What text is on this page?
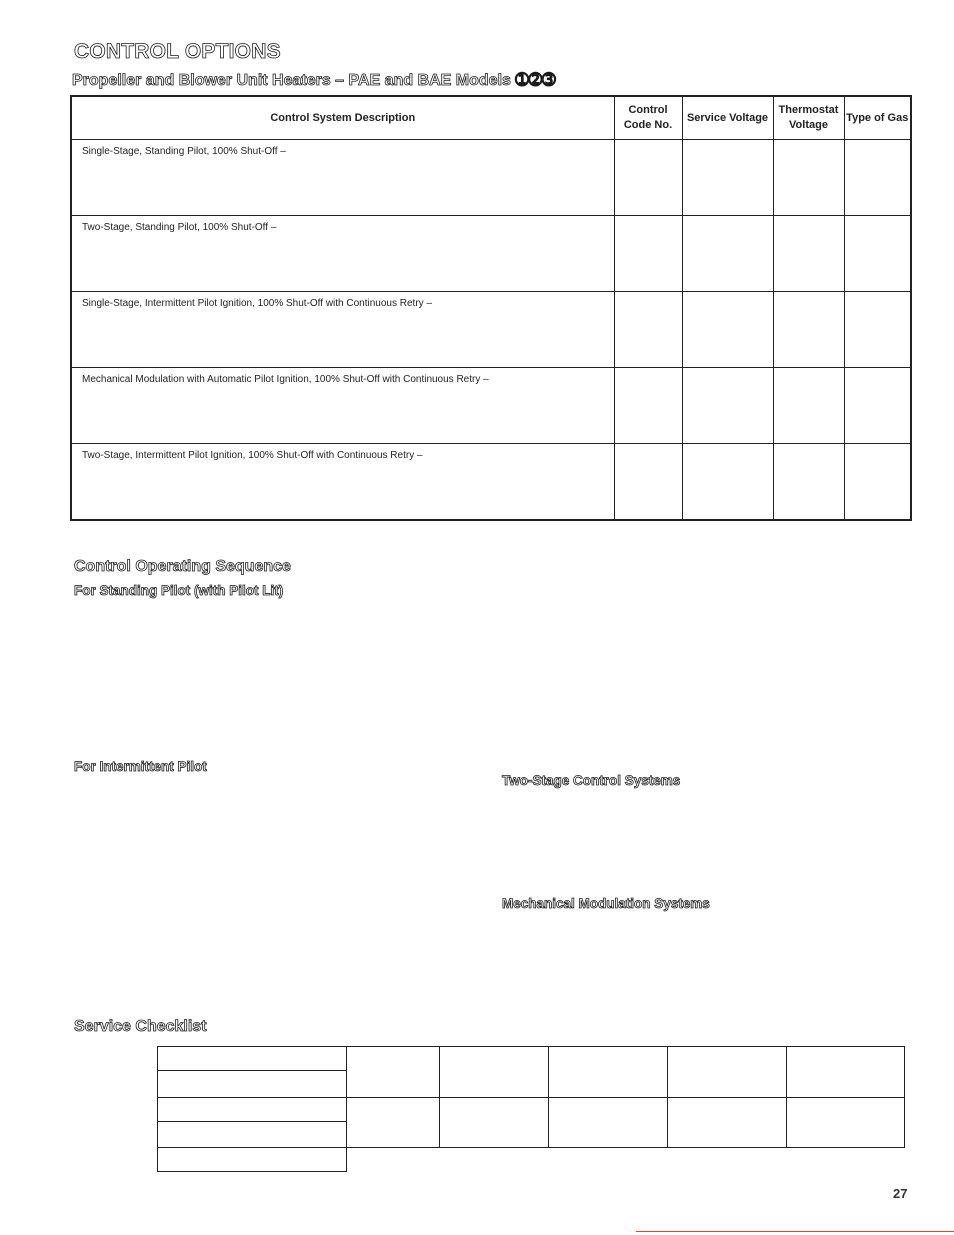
CONTROL OPTIONS
Propeller and Blower Unit Heaters – PAE and BAE Models ➀➁➂
Control System Description	Control Code No.	Service Voltage	Thermostat Voltage	Type of Gas

Single-Stage, Standing Pilot, 100% Shut-Off –				
Two-Stage, Standing Pilot, 100% Shut-Off –				
Single-Stage, Intermittent Pilot Ignition, 100% Shut-Off with Continuous Retry –				
Mechanical Modulation with Automatic Pilot Ignition, 100% Shut-Off with Continuous Retry –				
Two-Stage, Intermittent Pilot Ignition, 100% Shut-Off with Continuous Retry –				
Control Operating Sequence
For Standing Pilot (with Pilot Lit)
For Intermittent Pilot
Two-Stage Control Systems
Mechanical Modulation Systems
Service Checklist

27
